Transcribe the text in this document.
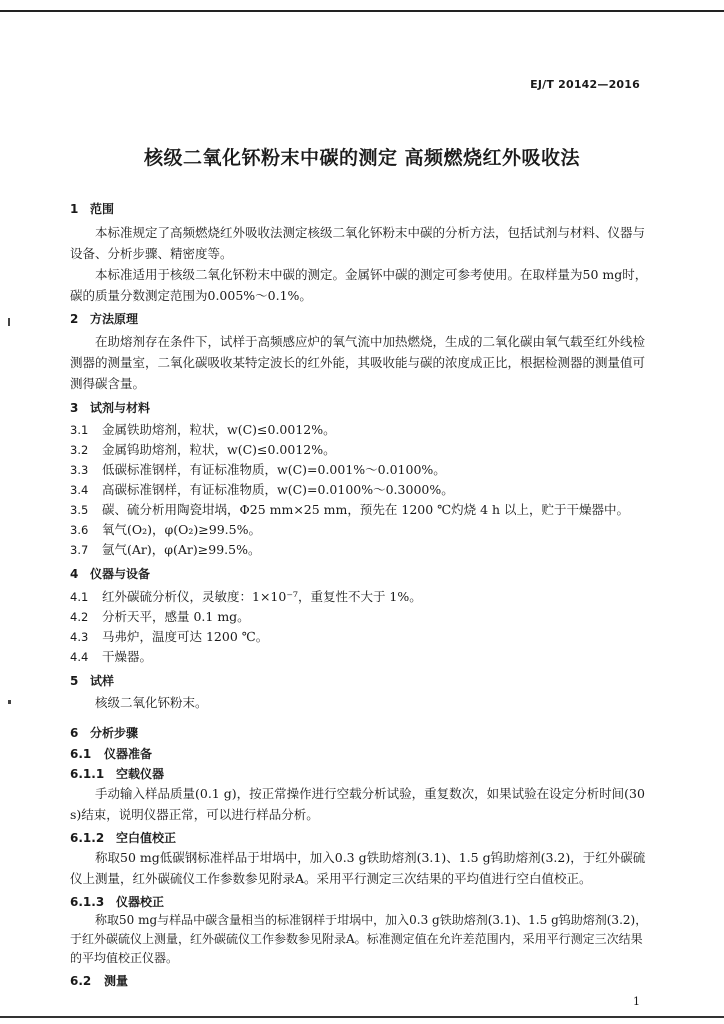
EJ/T 20142—2016
核级二氧化钚粉末中碳的测定 高频燃烧红外吸收法
1 范围
本标准规定了高频燃烧红外吸收法测定核级二氧化钚粉末中碳的分析方法，包括试剂与材料、仪器与设备、分析步骤、精密度等。
本标准适用于核级二氧化钚粉末中碳的测定。金属钚中碳的测定可参考使用。在取样量为50 mg时，碳的质量分数测定范围为0.005%～0.1%。
2 方法原理
在助熔剂存在条件下，试样于高频感应炉的氧气流中加热燃烧，生成的二氧化碳由氧气载至红外线检测器的测量室，二氧化碳吸收某特定波长的红外能，其吸收能与碳的浓度成正比，根据检测器的测量值可测得碳含量。
3 试剂与材料
3.1 金属铁助熔剂，粒状，w(C)≤0.0012%。
3.2 金属钨助熔剂，粒状，w(C)≤0.0012%。
3.3 低碳标准钢样，有证标准物质，w(C)=0.001%～0.0100%。
3.4 高碳标准钢样，有证标准物质，w(C)=0.0100%～0.3000%。
3.5 碳、硫分析用陶瓷坩埚，Φ25 mm×25 mm，预先在 1200 ℃灼烧 4 h 以上，贮于干燥器中。
3.6 氧气(O₂)，φ(O₂)≥99.5%。
3.7 氩气(Ar)，φ(Ar)≥99.5%。
4 仪器与设备
4.1 红外碳硫分析仪，灵敏度：1×10⁻⁷，重复性不大于 1%。
4.2 分析天平，感量 0.1 mg。
4.3 马弗炉，温度可达 1200 ℃。
4.4 干燥器。
5 试样
核级二氧化钚粉末。
6 分析步骤
6.1 仪器准备
6.1.1 空载仪器
手动输入样品质量(0.1 g)，按正常操作进行空载分析试验，重复数次，如果试验在设定分析时间(30 s)结束，说明仪器正常，可以进行样品分析。
6.1.2 空白值校正
称取50 mg低碳钢标准样品于坩埚中，加入0.3 g铁助熔剂(3.1)、1.5 g钨助熔剂(3.2)，于红外碳硫仪上测量，红外碳硫仪工作参数参见附录A。采用平行测定三次结果的平均值进行空白值校正。
6.1.3 仪器校正
称取50 mg与样品中碳含量相当的标准钢样于坩埚中，加入0.3 g铁助熔剂(3.1)、1.5 g钨助熔剂(3.2)，于红外碳硫仪上测量，红外碳硫仪工作参数参见附录A。标准测定值在允许差范围内，采用平行测定三次结果的平均值校正仪器。
6.2 测量
1
